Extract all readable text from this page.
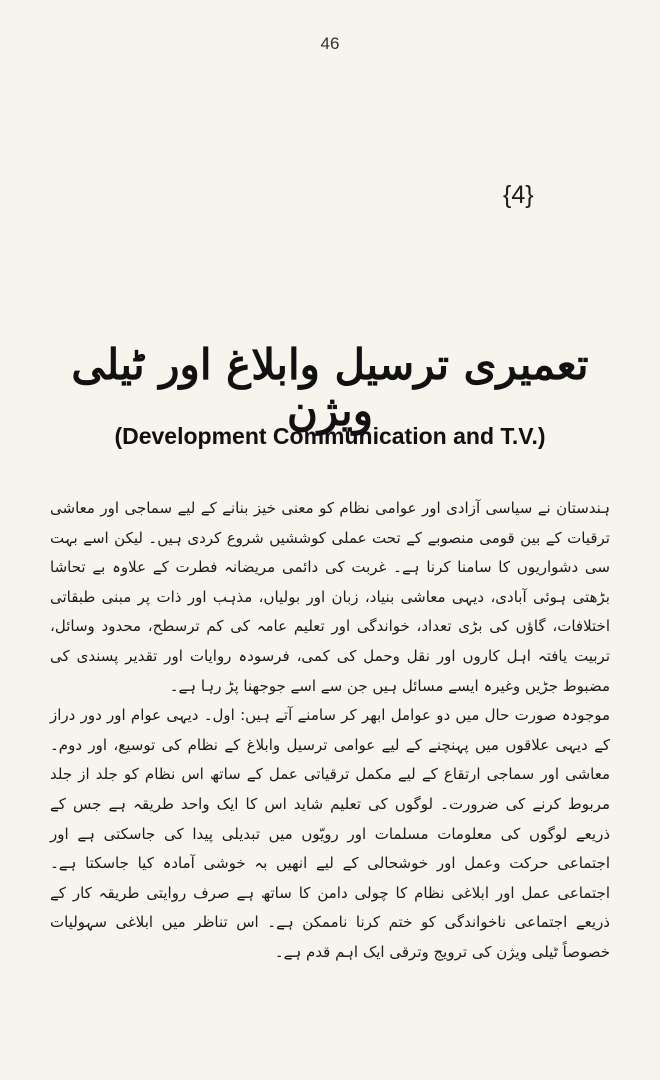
46
{4}
تعمیری ترسیل وابلاغ اور ٹیلی ویژن
(Development Communication and T.V.)

ہندستان نے سیاسی آزادی اور عوامی نظام کو معنی خیز بنانے کے لیے سماجی اور معاشی ترقیات کے بین قومی منصوبے کے تحت عملی کوششیں شروع کردی ہیں۔ لیکن اسے بہت سی دشواریوں کا سامنا کرنا ہے۔ غربت کی دائمی مریضانہ فطرت کے علاوہ بے تحاشا بڑھتی ہوئی آبادی، دیہی معاشی بنیاد، زبان اور بولیاں، مذہب اور ذات پر مبنی طبقاتی اختلافات، گاؤں کی بڑی تعداد، خواندگی اور تعلیم عامہ کی کم ترسطح، محدود وسائل، تربیت یافتہ اہل کاروں اور نقل وحمل کی کمی، فرسودہ روایات اور تقدیر پسندی کی مضبوط جڑیں وغیرہ ایسے مسائل ہیں جن سے اسے جوجھنا پڑ رہا ہے۔

موجودہ صورت حال میں دو عوامل ابھر کر سامنے آتے ہیں: اول۔ دیہی عوام اور دور دراز کے دیہی علاقوں میں پہنچنے کے لیے عوامی ترسیل وابلاغ کے نظام کی توسیع، اور دوم۔ معاشی اور سماجی ارتقاع کے لیے مکمل ترقیاتی عمل کے ساتھ اس نظام کو جلد از جلد مربوط کرنے کی ضرورت۔ لوگوں کی تعلیم شاید اس کا ایک واحد طریقہ ہے جس کے ذریعے لوگوں کی معلومات مسلمات اور رویّوں میں تبدیلی پیدا کی جاسکتی ہے اور اجتماعی حرکت وعمل اور خوشحالی کے لیے انھیں بہ خوشی آمادہ کیا جاسکتا ہے۔ اجتماعی عمل اور ابلاغی نظام کا چولی دامن کا ساتھ ہے صرف روایتی طریقہ کار کے ذریعے اجتماعی ناخواندگی کو ختم کرنا ناممکن ہے۔ اس تناظر میں ابلاغی سہولیات خصوصاً ٹیلی ویژن کی ترویج وترقی ایک اہم قدم ہے۔
